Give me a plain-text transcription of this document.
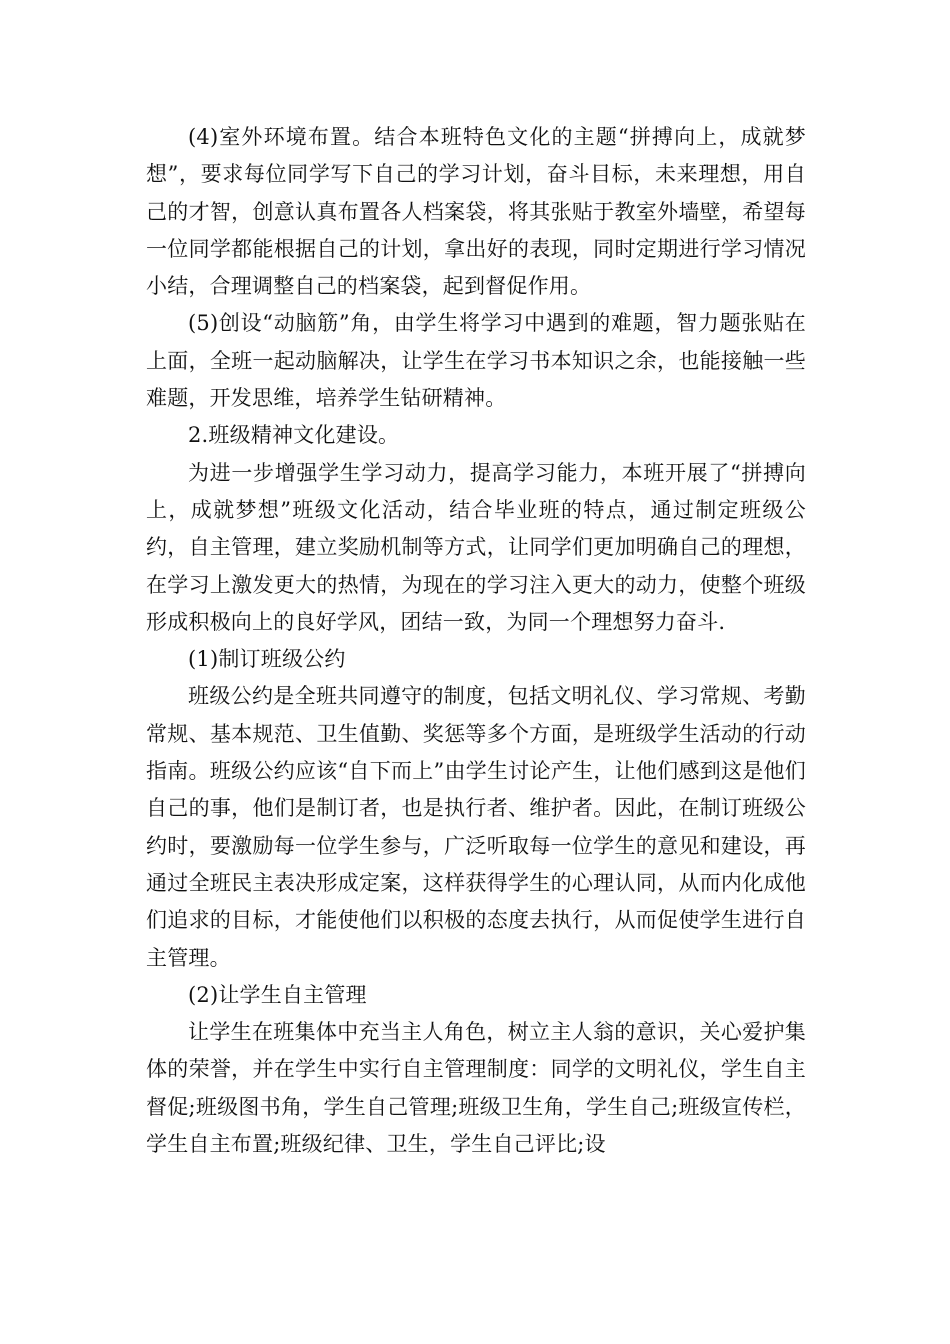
(4)室外环境布置。结合本班特色文化的主题“拼搏向上，成就梦想”，要求每位同学写下自己的学习计划，奋斗目标，未来理想，用自己的才智，创意认真布置各人档案袋，将其张贴于教室外墙壁，希望每一位同学都能根据自己的计划，拿出好的表现，同时定期进行学习情况小结，合理调整自己的档案袋，起到督促作用。

(5)创设“动脑筋”角，由学生将学习中遇到的难题，智力题张贴在上面，全班一起动脑解决，让学生在学习书本知识之余，也能接触一些难题，开发思维，培养学生钻研精神。

2.班级精神文化建设。

为进一步增强学生学习动力，提高学习能力，本班开展了“拼搏向上，成就梦想”班级文化活动，结合毕业班的特点，通过制定班级公约，自主管理，建立奖励机制等方式，让同学们更加明确自己的理想，在学习上激发更大的热情，为现在的学习注入更大的动力，使整个班级形成积极向上的良好学风，团结一致，为同一个理想努力奋斗.

(1)制订班级公约

班级公约是全班共同遵守的制度，包括文明礼仪、学习常规、考勤常规、基本规范、卫生值勤、奖惩等多个方面，是班级学生活动的行动指南。班级公约应该“自下而上”由学生讨论产生，让他们感到这是他们自己的事，他们是制订者，也是执行者、维护者。因此，在制订班级公约时，要激励每一位学生参与，广泛听取每一位学生的意见和建设，再通过全班民主表决形成定案，这样获得学生的心理认同，从而内化成他们追求的目标，才能使他们以积极的态度去执行，从而促使学生进行自主管理。

(2)让学生自主管理

让学生在班集体中充当主人角色，树立主人翁的意识，关心爱护集体的荣誉，并在学生中实行自主管理制度：同学的文明礼仪，学生自主督促;班级图书角，学生自己管理;班级卫生角，学生自己;班级宣传栏，学生自主布置;班级纪律、卫生，学生自己评比;设
